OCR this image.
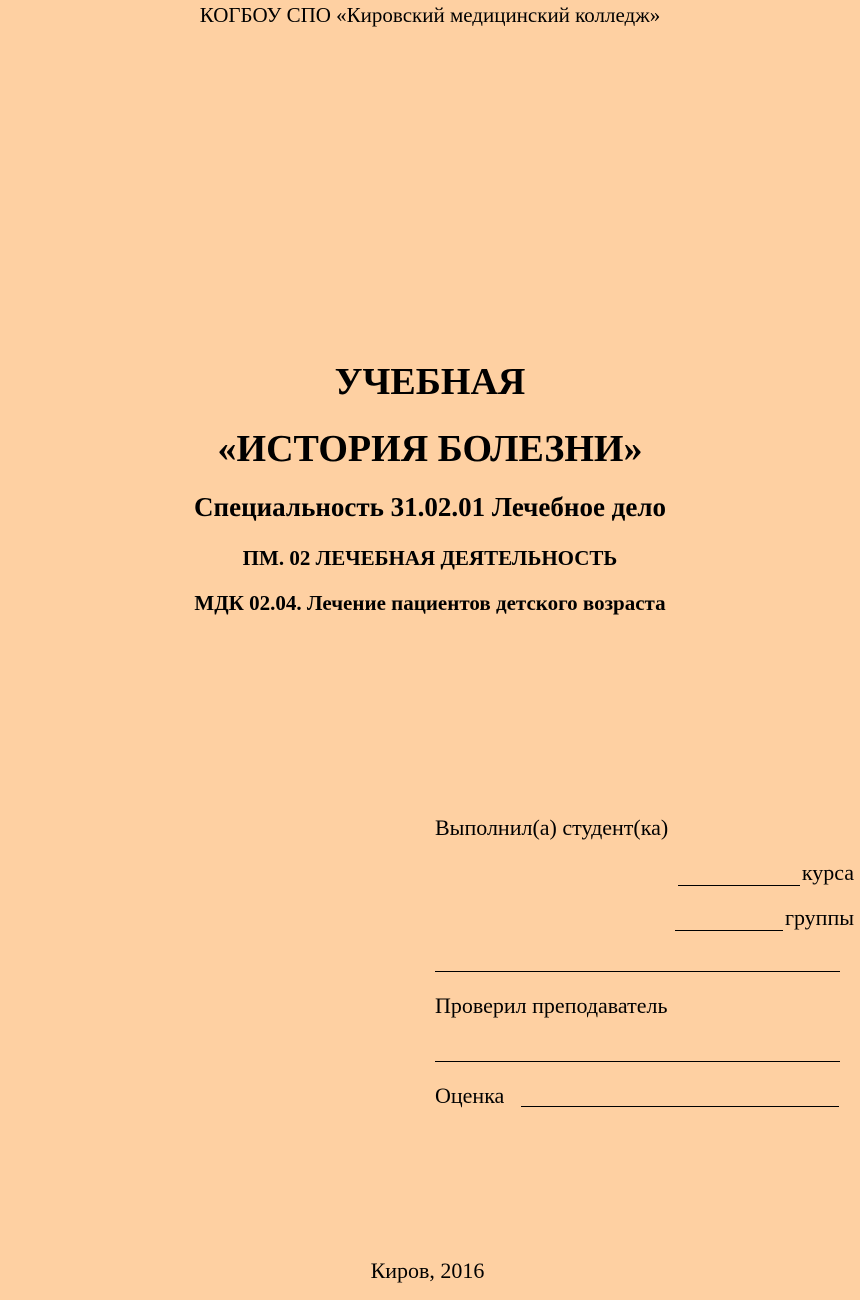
КОГБОУ СПО «Кировский медицинский колледж»
УЧЕБНАЯ
«ИСТОРИЯ БОЛЕЗНИ»
Специальность 31.02.01 Лечебное дело
ПМ. 02 ЛЕЧЕБНАЯ ДЕЯТЕЛЬНОСТЬ
МДК 02.04. Лечение пациентов детского возраста
Выполнил(а) студент(ка)
курса
группы
Проверил преподаватель
Оценка
Киров, 2016
